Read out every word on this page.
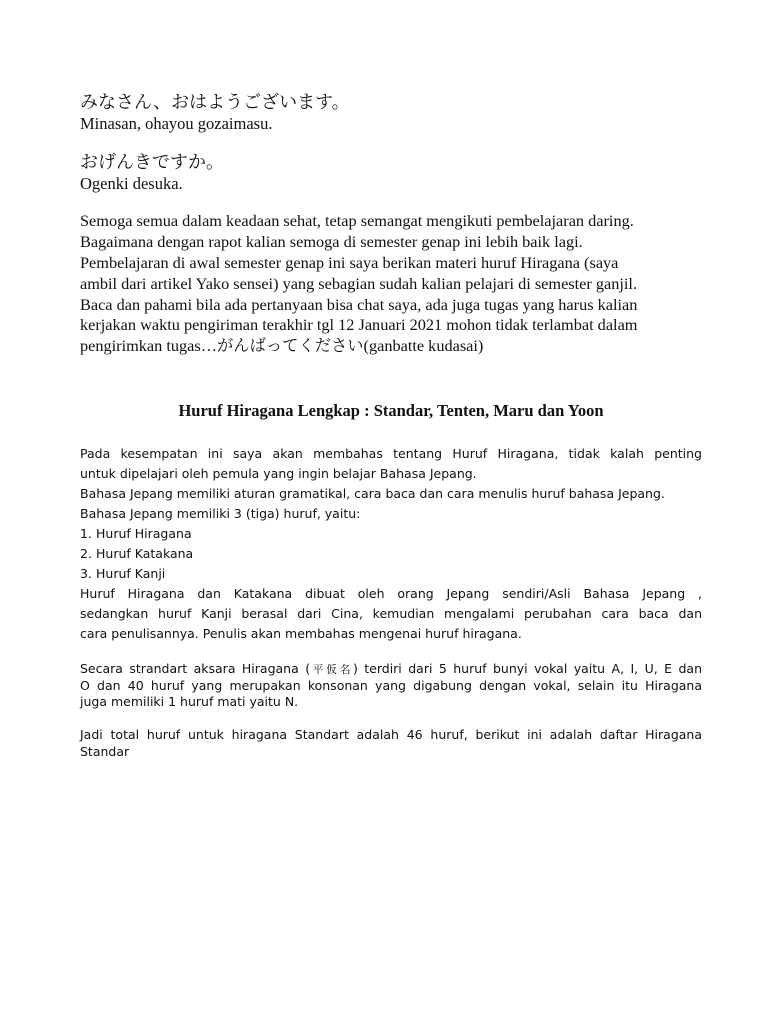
みなさん、おはようございます。
Minasan, ohayou gozaimasu.
おげんきですか。
Ogenki desuka.
Semoga semua dalam keadaan sehat, tetap semangat mengikuti pembelajaran daring.
Bagaimana dengan rapot kalian semoga di semester genap ini lebih baik lagi.
Pembelajaran di awal semester genap ini saya berikan materi huruf Hiragana (saya
ambil dari artikel Yako sensei) yang sebagian sudah kalian pelajari di semester ganjil.
Baca dan pahami bila ada pertanyaan bisa chat saya, ada juga tugas yang harus kalian
kerjakan waktu pengiriman terakhir tgl 12 Januari 2021 mohon tidak terlambat dalam
pengirimkan tugas…がんばってください(ganbatte kudasai)
Huruf Hiragana Lengkap : Standar, Tenten, Maru dan Yoon
Pada kesempatan ini saya akan membahas tentang Huruf Hiragana, tidak kalah penting
untuk dipelajari oleh pemula yang ingin belajar Bahasa Jepang.
Bahasa Jepang memiliki aturan gramatikal, cara baca dan cara menulis huruf bahasa Jepang.
Bahasa Jepang memiliki 3 (tiga) huruf, yaitu:
1. Huruf Hiragana
2. Huruf Katakana
3. Huruf Kanji
Huruf Hiragana dan Katakana dibuat oleh orang Jepang sendiri/Asli Bahasa Jepang ,
sedangkan huruf Kanji berasal dari Cina, kemudian mengalami perubahan cara baca dan
cara penulisannya. Penulis akan membahas mengenai huruf hiragana.
Secara strandart aksara Hiragana (平仮名) terdiri dari 5 huruf bunyi vokal yaitu A, I, U, E dan
O dan 40 huruf yang merupakan konsonan yang digabung dengan vokal, selain itu Hiragana
juga memiliki 1 huruf mati yaitu N.
Jadi total huruf untuk hiragana Standart adalah 46 huruf, berikut ini adalah daftar Hiragana
Standar
